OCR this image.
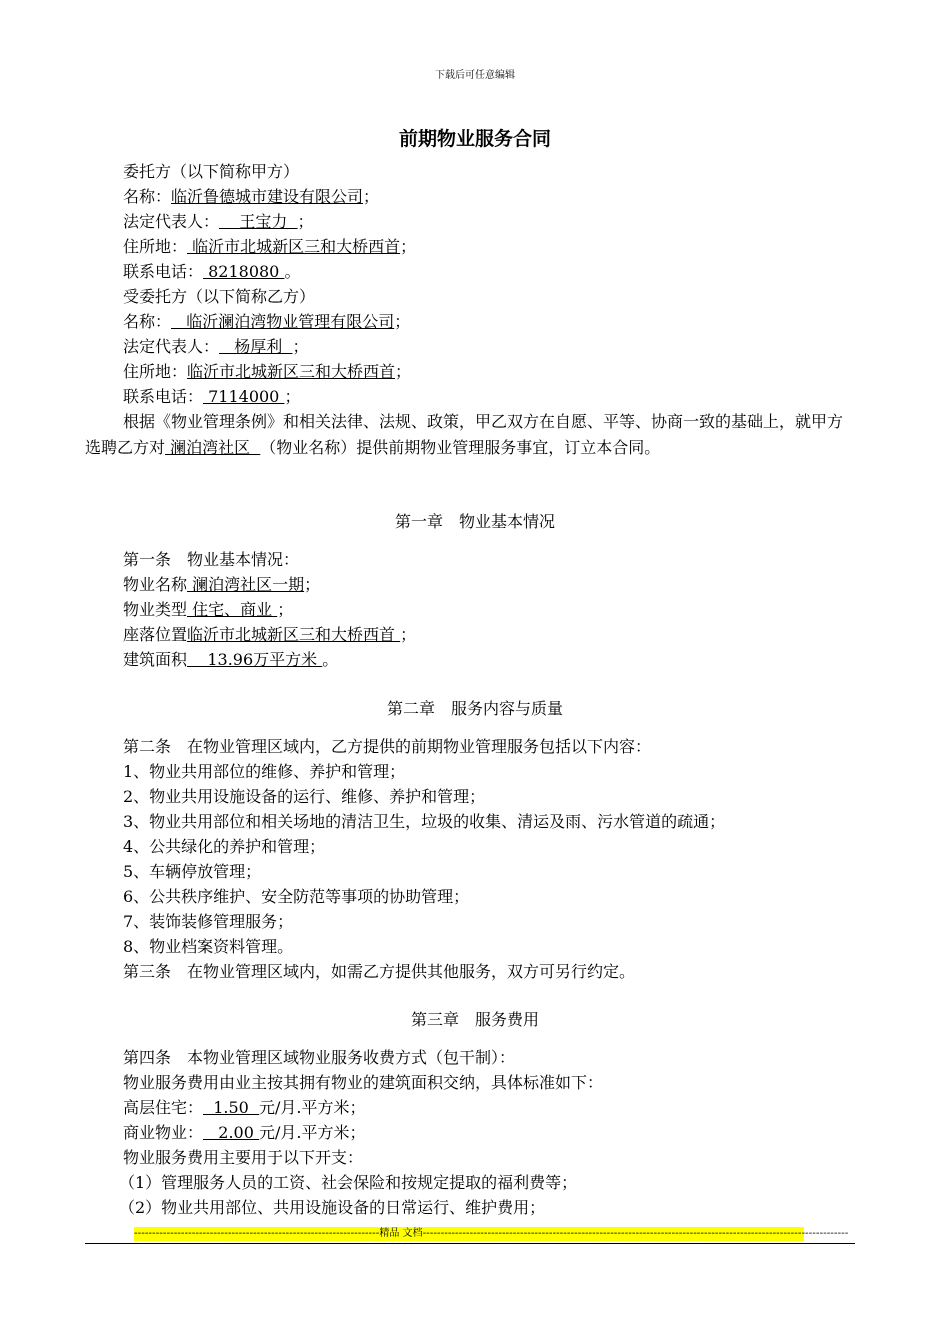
下载后可任意编辑
前期物业服务合同
委托方（以下简称甲方）
名称：临沂鲁德城市建设有限公司；
法定代表人：    王宝力  ；
住所地： 临沂市北城新区三和大桥西首；
联系电话： 8218080 。
受委托方（以下简称乙方）
名称：   临沂澜泊湾物业管理有限公司；
法定代表人：   杨厚利  ；
住所地：临沂市北城新区三和大桥西首；
联系电话： 7114000 ；
根据《物业管理条例》和相关法律、法规、政策，甲乙双方在自愿、平等、协商一致的基础上，就甲方选聘乙方对 澜泊湾社区  （物业名称）提供前期物业管理服务事宜，订立本合同。
第一章　物业基本情况
第一条　物业基本情况：
物业名称 澜泊湾社区一期；
物业类型 住宅、商业 ；
座落位置临沂市北城新区三和大桥西首 ；
建筑面积    13.96万平方米 。
第二章　服务内容与质量
第二条　在物业管理区域内，乙方提供的前期物业管理服务包括以下内容：
1、物业共用部位的维修、养护和管理；
2、物业共用设施设备的运行、维修、养护和管理；
3、物业共用部位和相关场地的清洁卫生，垃圾的收集、清运及雨、污水管道的疏通；
4、公共绿化的养护和管理；
5、车辆停放管理；
6、公共秩序维护、安全防范等事项的协助管理；
7、装饰装修管理服务；
8、物业档案资料管理。
第三条　在物业管理区域内，如需乙方提供其他服务，双方可另行约定。
第三章　服务费用
第四条　本物业管理区域物业服务收费方式（包干制）：
物业服务费用由业主按其拥有物业的建筑面积交纳，具体标准如下：
高层住宅：  1.50  元/月.平方米；
商业物业：   2.00 元/月.平方米；
物业服务费用主要用于以下开支：
（1）管理服务人员的工资、社会保险和按规定提取的福利费等；
（2）物业共用部位、共用设施设备的日常运行、维护费用；
--------------------------------------------------------------------精品 文档----------------------------------------------------------------------------------------------------------------------
